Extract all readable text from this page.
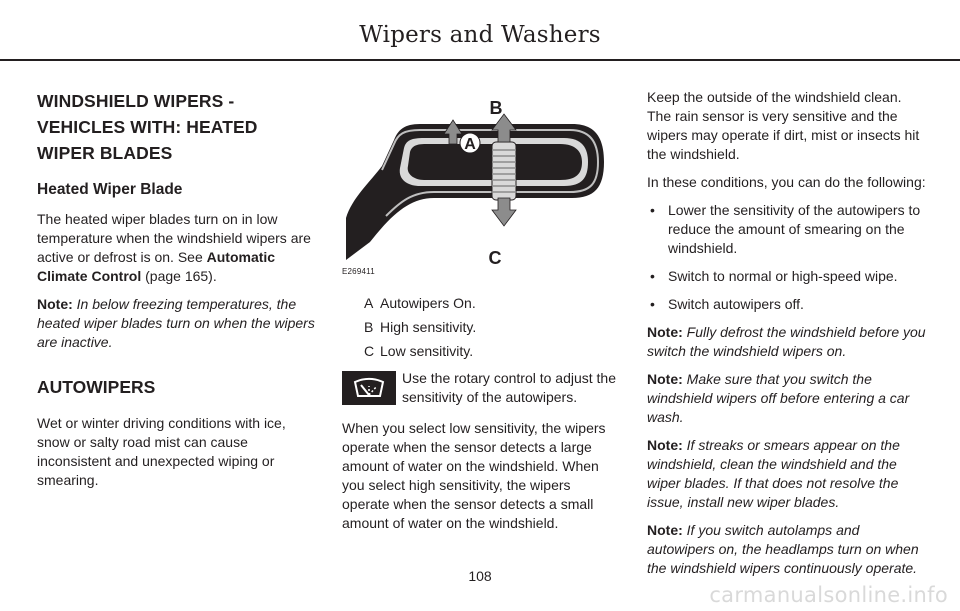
Wipers and Washers
WINDSHIELD WIPERS - VEHICLES WITH: HEATED WIPER BLADES
Heated Wiper Blade

The heated wiper blades turn on in low temperature when the windshield wipers are active or defrost is on. See Automatic Climate Control (page 165).

Note: In below freezing temperatures, the heated wiper blades turn on when the wipers are inactive.

AUTOWIPERS

Wet or winter driving conditions with ice, snow or salty road mist can cause inconsistent and unexpected wiping or smearing.

A
B
C
E269411
A Autowipers On.
B High sensitivity.
C Low sensitivity.
Use the rotary control to adjust the sensitivity of the autowipers.

When you select low sensitivity, the wipers operate when the sensor detects a large amount of water on the windshield. When you select high sensitivity, the wipers operate when the sensor detects a small amount of water on the windshield.

Keep the outside of the windshield clean. The rain sensor is very sensitive and the wipers may operate if dirt, mist or insects hit the windshield.

In these conditions, you can do the following:

• Lower the sensitivity of the autowipers to reduce the amount of smearing on the windshield.
• Switch to normal or high-speed wipe.
• Switch autowipers off.

Note: Fully defrost the windshield before you switch the windshield wipers on.

Note: Make sure that you switch the windshield wipers off before entering a car wash.

Note: If streaks or smears appear on the windshield, clean the windshield and the wiper blades. If that does not resolve the issue, install new wiper blades.

Note: If you switch autolamps and autowipers on, the headlamps turn on when the windshield wipers continuously operate.

108
carmanualsonline.info
